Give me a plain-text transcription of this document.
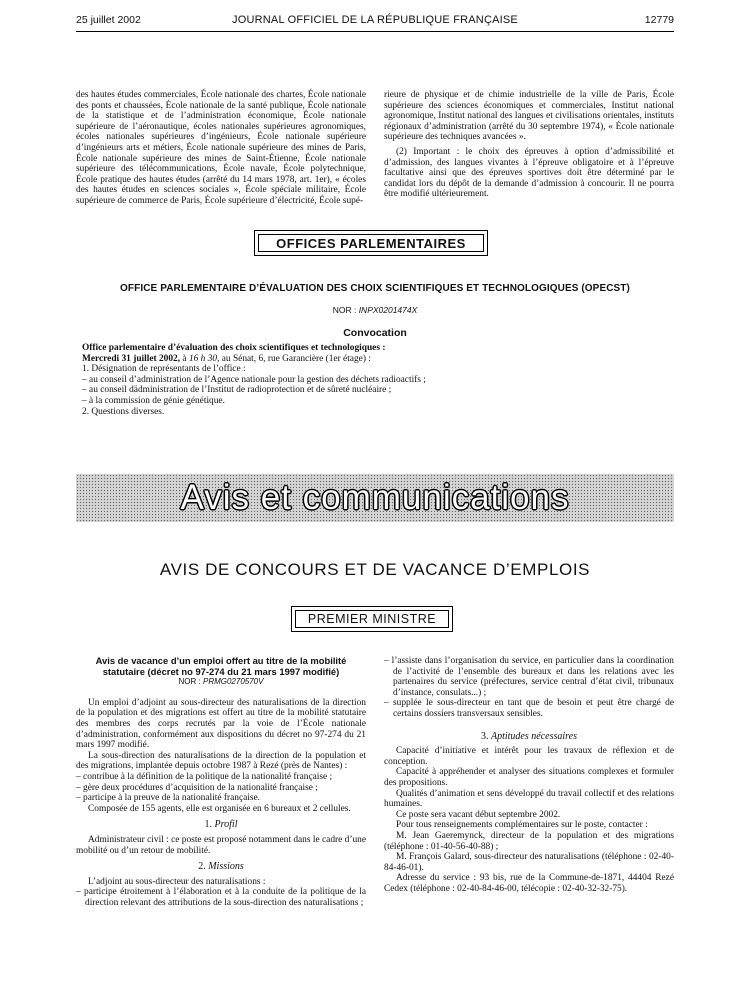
25 juillet 2002	JOURNAL OFFICIEL DE LA RÉPUBLIQUE FRANÇAISE	12779

des hautes études commerciales, École nationale des chartes, École nationale des ponts et chaussées, École nationale de la santé publique, École nationale de la statistique et de l’administration économique, École nationale supérieure de l’aéronautique, écoles nationales supérieures agronomiques, écoles nationales supérieures d’ingénieurs, École nationale supérieure d’ingénieurs arts et métiers, École nationale supérieure des mines de Paris, École nationale supérieure des mines de Saint-Étienne, École nationale supérieure des télécommunications, École navale, École polytechnique, École pratique des hautes études (arrêté du 14 mars 1978, art. 1er), « écoles des hautes études en sciences sociales », École spéciale militaire, École supérieure de commerce de Paris, École supérieure d’électricité, École supé-

rieure de physique et de chimie industrielle de la ville de Paris, École supérieure des sciences économiques et commerciales, Institut national agronomique, Institut national des langues et civilisations orientales, instituts régionaux d’administration (arrêté du 30 septembre 1974), « École nationale supérieure des techniques avancées ».

(2) Important : le choix des épreuves à option d’admissibilité et d’admission, des langues vivantes à l’épreuve obligatoire et à l’épreuve facultative ainsi que des épreuves sportives doit être déterminé par le candidat lors du dépôt de la demande d’admission à concourir. Il ne pourra être modifié ultérieurement.

OFFICES PARLEMENTAIRES
OFFICE PARLEMENTAIRE D’ÉVALUATION DES CHOIX SCIENTIFIQUES ET TECHNOLOGIQUES (OPECST)
NOR : INPX0201474X
Convocation

Office parlementaire d’évaluation des choix scientifiques et technologiques :

Mercredi 31 juillet 2002, à 16 h 30, au Sénat, 6, rue Garancière (1er étage) :

1. Désignation de représentants de l’office :

– au conseil d’administration de l’Agence nationale pour la gestion des déchets radioactifs ;

– au conseil dädministration de l’Institut de radioprotection et de sûreté nucléaire ;

– à la commission de génie génétique.

2. Questions diverses.

Avis et communications
AVIS DE CONCOURS ET DE VACANCE D’EMPLOIS
PREMIER MINISTRE

Avis de vacance d’un emploi offert au titre de la mobilité statutaire (décret no 97-274 du 21 mars 1997 modifié)

NOR : PRMG0270570V

Un emploi d’adjoint au sous-directeur des naturalisations de la direction de la population et des migrations est offert au titre de la mobilité statutaire des membres des corps recrutés par la voie de l’École nationale d’administration, conformément aux dispositions du décret no 97-274 du 21 mars 1997 modifié.

La sous-direction des naturalisations de la direction de la population et des migrations, implantée depuis octobre 1987 à Rezé (près de Nantes) :

– contribue à la définition de la politique de la nationalité française ;

– gère deux procédures d’acquisition de la nationalité française ;

– participe à la preuve de la nationalité française.

Composée de 155 agents, elle est organisée en 6 bureaux et 2 cellules.

1. Profil

Administrateur civil : ce poste est proposé notamment dans le cadre d’une mobilité ou d’un retour de mobilité.

2. Missions

L’adjoint au sous-directeur des naturalisations :

– participe étroitement à l’élaboration et à la conduite de la politique de la direction relevant des attributions de la sous-direction des naturalisations ;

– l’assiste dans l’organisation du service, en particulier dans la coordination de l’activité de l’ensemble des bureaux et dans les relations avec les partenaires du service (préfectures, service central d’état civil, tribunaux d’instance, consulats...) ;

– supplée le sous-directeur en tant que de besoin et peut être chargé de certains dossiers transversaux sensibles.

3. Aptitudes nécessaires

Capacité d’initiative et intérêt pour les travaux de réflexion et de conception.

Capacité à appréhender et analyser des situations complexes et formuler des propositions.

Qualités d’animation et sens développé du travail collectif et des relations humaines.

Ce poste sera vacant début septembre 2002.

Pour tous renseignements complémentaires sur le poste, contacter :

M. Jean Gaeremynck, directeur de la population et des migrations (téléphone : 01-40-56-40-88) ;

M. François Galard, sous-directeur des naturalisations (téléphone : 02-40-84-46-01).

Adresse du service : 93 bis, rue de la Commune-de-1871, 44404 Rezé Cedex (téléphone : 02-40-84-46-00, télécopie : 02-40-32-32-75).
